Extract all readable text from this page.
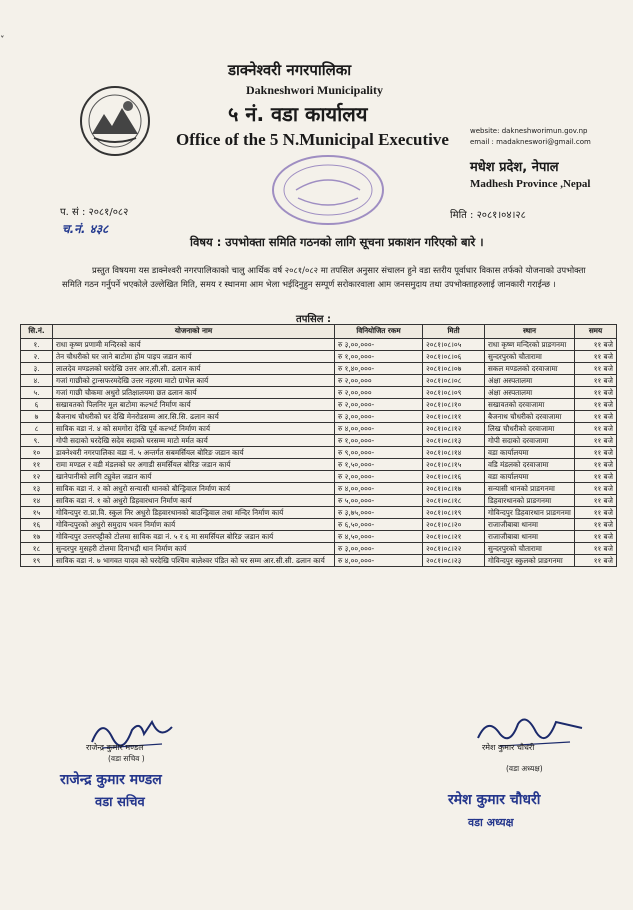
˯
डाक्नेश्वरी नगरपालिका
Dakneshwori Municipality
५ नं. वडा कार्यालय
Office of the 5 N.Municipal Executive	website: dakneshworimun.gov.np
email : madakneswori@gmail.com
मधेश प्रदेश, नेपाल
Madhesh Province ,Nepal
प. सं : २०८१/०८२
च.नं. ४३८
मिति : २०८१।०४।२८
विषय : उपभोक्ता समिति गठनको लागि सूचना प्रकाशन गरिएको बारे ।
प्रस्तुत विषयमा यस डाक्नेश्वरी नगरपालिकाको चालु आर्थिक वर्ष २०८१/०८२ मा तपसिल अनुसार संचालन हुने वडा स्तरीय पूर्वाधार विकास तर्फको योजनाको उपभोक्ता समिति गठन गर्नुपर्ने भएकोले उल्लेखित मिति, समय र स्थानमा आम भेला भईदिनुहुन सम्पूर्ण सरोकारवाला आम जनसमुदाय तथा उपभोक्ताहरुलाई जानकारी गराईन्छ ।
तपसिल :
सि.नं.	योजनाको नाम	विनियोजित रकम	मिती	स्थान	समय
१.	राधा कृष्ण प्रणामी मन्दिरको कार्य	रु ३,००,०००-	२०८१।०८।०५	राधा कृष्ण मन्दिरको प्राङगनमा	११ बजे
२.	तेन चौधरीको घर जाने बाटोमा होम पाइप जडान कार्य	रु १,००,०००-	२०८१।०८।०६	सुन्दरपुरको चौतारामा	११ बजे
३.	लालदेव मण्डलको घरदेखि उत्तर आर.सी.सी. ढलान कार्य	रु १,४०,०००-	२०८१।०८।०७	सकल मण्डलको दरवाजामा	११ बजे
४.	गजां गाछीको ट्रान्सफरमदेखि उत्तर नहरमा माटो ग्राभेल कार्य	रु २,००,०००	२०८१।०८।०८	अंक्षा अस्पतालमा	११ बजे
५.	गजां गाछी चौकमा अधुरो प्रतिक्षालयमा छत ढलान कार्य	रु २,००,०००	२०८१।०८।०९	अंक्षा अस्पतालमा	११ बजे
६	सखावतको पिलनिर मूल बाटोमा कल्भर्ट निर्माण कार्य	रु २,००,०००-	२०८१।०८।१०	सखावतको दरवाजामा	११ बजे
७	बैजनाथ चौधरीको घर देखि मेनरोडसम्म आर.सि.सि. ढलान कार्य	रु ३,००,०००-	२०८१।०८।११	बैजनाथ चौधरीको दरवाजामा	११ बजे
८	साविक वडा नं. ४ को समगोरा देखि पूर्व कल्भर्ट निर्माण कार्य	रु ४,००,०००-	२०८१।०८।१२	लिख चौधरीको दरवाजामा	११ बजे
९.	गोपी सदाको घरदेखि सदेव सदाको घरसम्म माटो मर्मत कार्य	रु १,००,०००-	२०८१।०८।१३	गोपी सदाको दरवाजामा	११ बजे
१०	डाक्नेश्वरी नगरपालिका वडा नं. ५ अन्तर्गत सबमर्सियल बोरिङ जडान कार्य	रु ९,००,०००-	२०८१।०८।१४	वडा कार्यालयमा	११ बजे
११	रामा मण्डल र वडी मंडलको घर अगाडी समर्सियल बोरिङ जडान कार्य	रु १,५०,०००-	२०८१।०८।१५	वडि मंडलको दरवाजामा	११ बजे
१२	खानेपानीको लागि ट्युवेल जडान कार्य	रु २,००,०००-	२०८१।०८।१६	वडा कार्यालयमा	११ बजे
१३	साविक वडा नं. २ को अधुरो सन्यासी थानको बौन्ड्रिवाल निर्माण कार्य	रु ४,००,०००-	२०८१।०८।१७	सन्यासी थानको प्राङगनमा	११ बजे
१४	साविक वडा नं. १ को अधुरो डिहवारथान निर्माण कार्य	रु ५,००,०००-	२०८१।०८।१८	डिहवारथानको प्राङगनमा	११ बजे
१५	गोविन्दपुर रा.प्रा.वि. स्कुल निर अधुरो डिहवारथानको बाउन्ड्रिवाल तथा मन्दिर निर्माण कार्य	रु ३,७५,०००-	२०८१।०८।१९	गोविन्दपुर डिहवारथान प्राङगनमा	११ बजे
१६	गोविन्दपुरको अधुरो समुदाय भवन निर्माण कार्य	रु ६,५०,०००-	२०८१।०८।२०	राजाजीबाबा थानमा	११ बजे
१७	गोविन्दपुर उत्तरपट्टीको टोलमा साविक वडा नं. ५ र ६ मा समर्सियल बोरिङ जडान कार्य	रु ४,५०,०००-	२०८१।०८।२१	राजाजीबाबा थानमा	११ बजे
१८	सुन्दरपुर मुसहरी टोलमा दिनाभद्री थान निर्माण कार्य	रु ३,००,०००-	२०८१।०८।२२	सुन्दरपुरको चौतारामा	११ बजे
१९	साविक वडा नं. ७ भागवत यादव को घरदेखि पश्चिम बालेश्वर पंडित को घर सम्म आर.सी.सी. ढलान कार्य	रु ४,००,०००-	२०८१।०८।२३	गोविन्दपुर स्कुलको प्राङगनमा	११ बजे
राजेन्द्र कुमार मण्डल
(वडा सचिव )
राजेन्द्र कुमार मण्डल
वडा सचिव
रमेश कुमार चौधरी
(वडा अध्यक्ष)
रमेश कुमार चौधरी
वडा अध्यक्ष
